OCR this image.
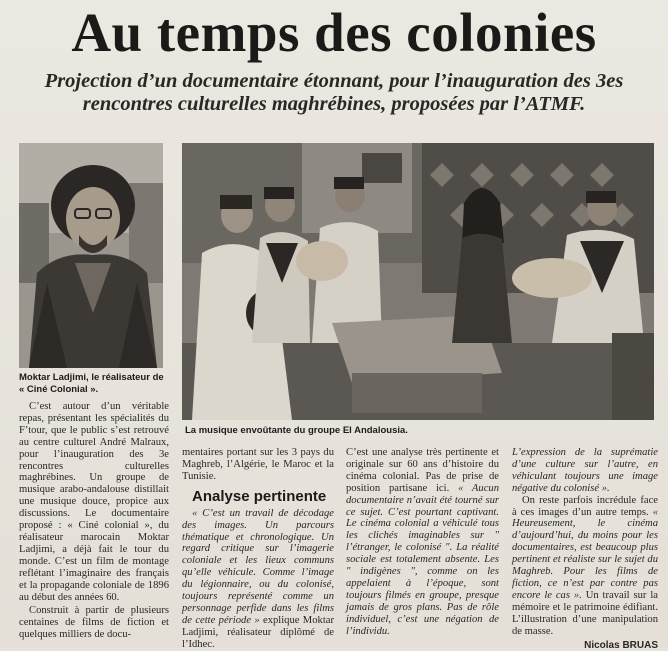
Au temps des colonies
Projection d’un documentaire étonnant, pour l’inauguration des 3es rencontres culturelles maghrébines, proposées par l’ATMF.
Moktar Ladjimi, le réalisateur de « Ciné Colonial ».
La musique envoûtante du groupe El Andalousia.

C’est autour d’un véritable repas, présentant les spécialités du F’tour, que le public s’est retrouvé au centre culturel André Malraux, pour l’inauguration des 3e rencontres culturelles maghrébines. Un groupe de musique arabo-andalouse distillait une musique douce, propice aux discussions. Le documentaire proposé : « Ciné colonial », du réalisateur marocain Moktar Ladjimi, a déjà fait le tour du monde. C’est un film de montage reflétant l’imaginaire des français et la propagande coloniale de 1896 au début des années 60.

Construit à partir de plusieurs centaines de films de fiction et quelques milliers de docu-

mentaires portant sur les 3 pays du Maghreb, l’Algérie, le Maroc et la Tunisie.

Analyse pertinente

« C’est un travail de décodage des images. Un parcours thématique et chronologique. Un regard critique sur l’imagerie coloniale et les lieux communs qu’elle véhicule. Comme l’image du légionnaire, ou du colonisé, toujours représenté comme un personnage perfide dans les films de cette période » explique Moktar Ladjimi, réalisateur diplômé de l’Idhec.

C’est une analyse très pertinente et originale sur 60 ans d’histoire du cinéma colonial. Pas de prise de position partisane ici. « Aucun documentaire n’avait été tourné sur ce sujet. C’est pourtant captivant. Le cinéma colonial a véhiculé tous les clichés imaginables sur " l’étranger, le colonisé ". La réalité sociale est totalement absente. Les " indigènes ", comme on les appelaient à l’époque, sont toujours filmés en groupe, presque jamais de gros plans. Pas de rôle individuel, c’est une négation de l’individu.

L’expression de la suprématie d’une culture sur l’autre, en véhiculant toujours une image négative du colonisé ».

On reste parfois incrédule face à ces images d’un autre temps. « Heureusement, le cinéma d’aujourd’hui, du moins pour les documentaires, est beaucoup plus pertinent et réaliste sur le sujet du Maghreb. Pour les films de fiction, ce n’est par contre pas encore le cas ». Un travail sur la mémoire et le patrimoine édifiant. L’illustration d’une manipulation de masse.

Nicolas BRUAS
